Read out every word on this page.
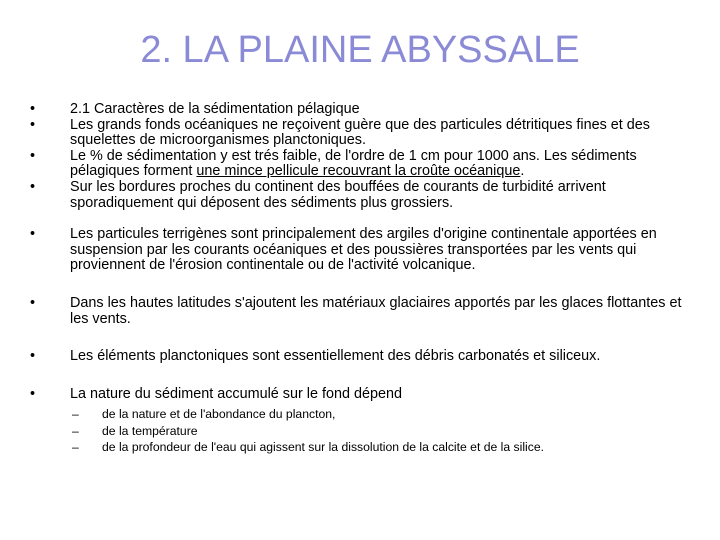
2. LA PLAINE ABYSSALE
•	2.1 Caractères de la sédimentation pélagique
•	Les grands fonds océaniques ne reçoivent guère que des particules détritiques fines et des squelettes de microorganismes planctoniques.
•	Le % de sédimentation y est trés faible, de l'ordre de 1 cm pour 1000 ans. Les sédiments pélagiques forment une mince pellicule recouvrant la croûte océanique.
•	Sur les bordures proches du continent des bouffées de courants de turbidité arrivent sporadiquement qui déposent des sédiments plus grossiers.
•	Les particules terrigènes sont principalement des argiles d'origine continentale apportées en suspension par les courants océaniques et des poussières transportées par les vents qui proviennent de l'érosion continentale ou de l'activité volcanique.
•	Dans les hautes latitudes s'ajoutent les matériaux glaciaires apportés par les glaces flottantes et les vents.
•	Les éléments planctoniques sont essentiellement des débris carbonatés et siliceux.
•	La nature du sédiment accumulé sur le fond dépend
– de la nature et de l'abondance du plancton,
– de la température
– de la profondeur de l'eau qui agissent sur la dissolution de la calcite et de la silice.
